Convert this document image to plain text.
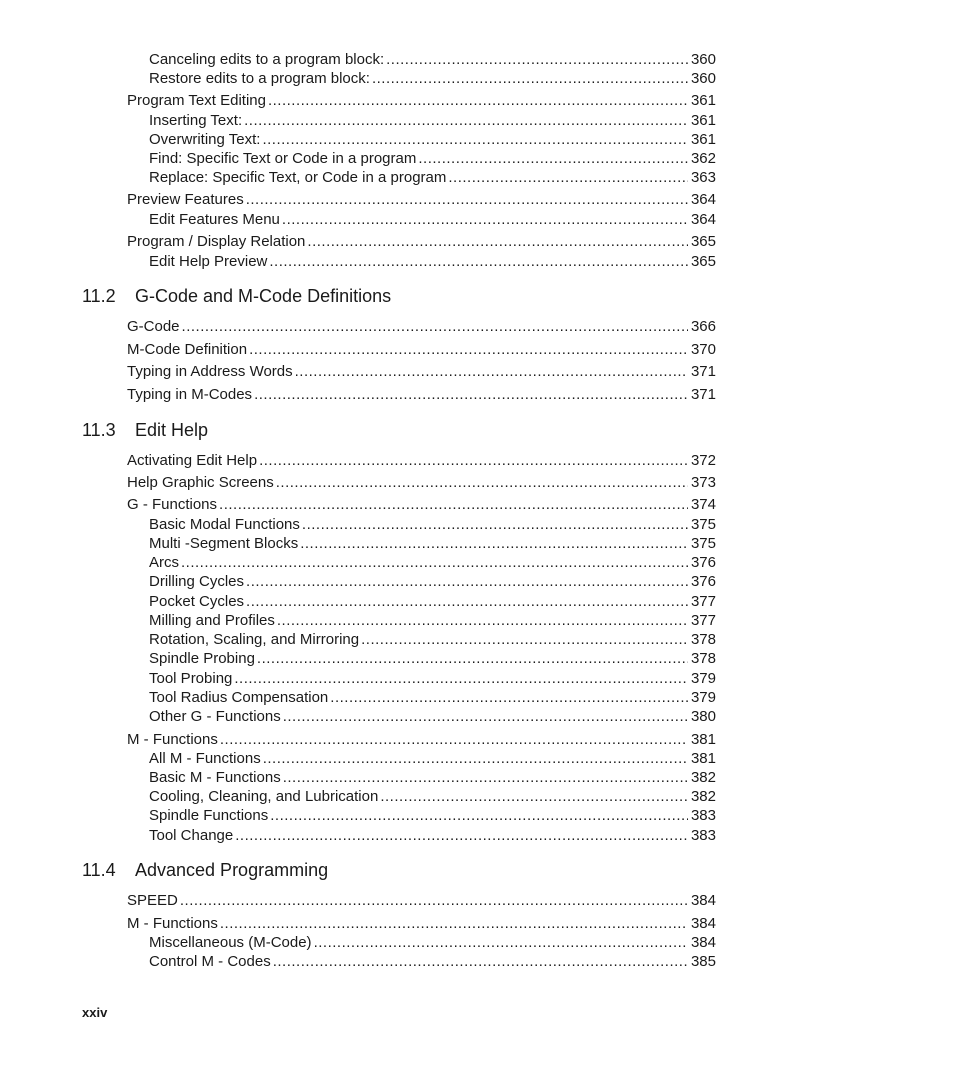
Canceling edits to a program block: .....	360
Restore edits to a program block: .....	360
Program Text Editing .....	361
Inserting Text: .....	361
Overwriting Text: .....	361
Find: Specific Text or Code in a program .....	362
Replace: Specific Text, or Code in a program .....	363
Preview Features .....	364
Edit Features Menu .....	364
Program / Display Relation .....	365
Edit Help Preview .....	365
11.2	G-Code and M-Code Definitions
G-Code .....	366
M-Code Definition .....	370
Typing in Address Words .....	371
Typing in M-Codes .....	371
11.3	Edit Help
Activating Edit Help .....	372
Help Graphic Screens .....	373
G - Functions .....	374
Basic Modal Functions .....	375
Multi -Segment Blocks .....	375
Arcs .....	376
Drilling Cycles .....	376
Pocket Cycles .....	377
Milling and Profiles .....	377
Rotation, Scaling, and Mirroring .....	378
Spindle Probing .....	378
Tool Probing .....	379
Tool Radius Compensation .....	379
Other G - Functions .....	380
M - Functions .....	381
All M - Functions .....	381
Basic M - Functions .....	382
Cooling, Cleaning, and Lubrication .....	382
Spindle Functions .....	383
Tool Change .....	383
11.4	Advanced Programming
SPEED .....	384
M - Functions .....	384
Miscellaneous (M-Code) .....	384
Control M - Codes .....	385
xxiv
